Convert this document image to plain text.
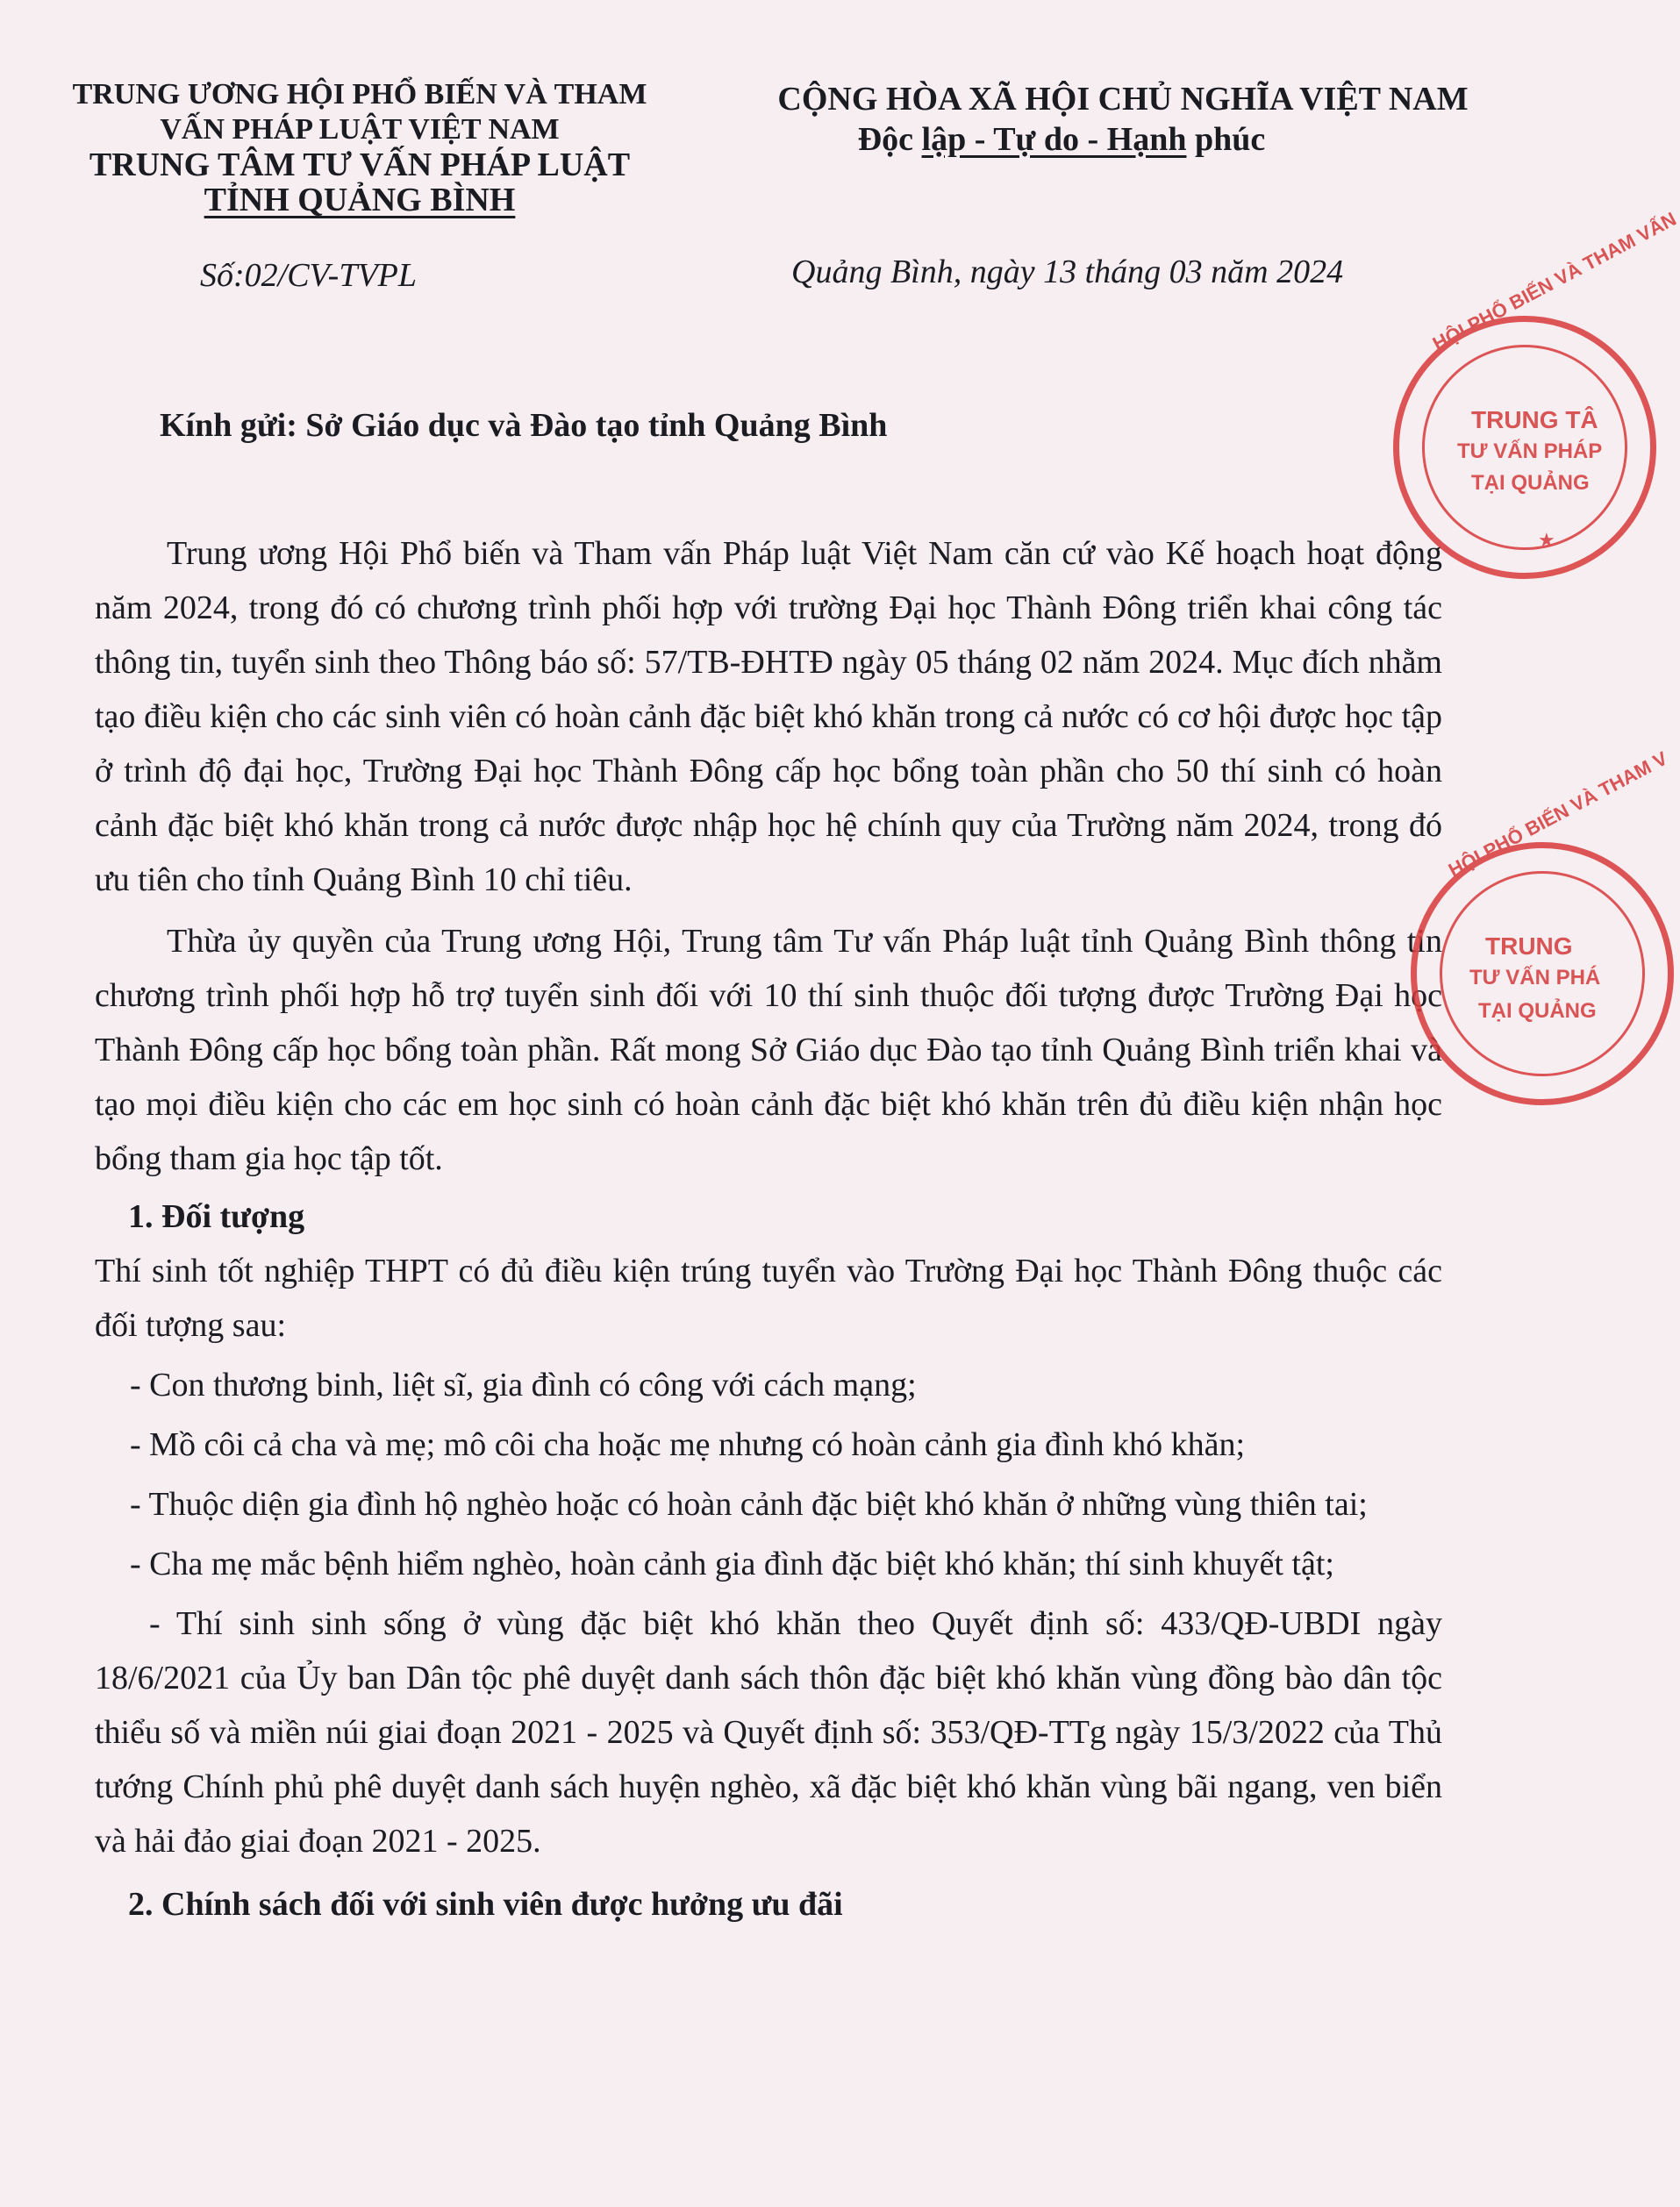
TRUNG ƯƠNG HỘI PHỔ BIẾN VÀ THAM
VẤN PHÁP LUẬT VIỆT NAM
TRUNG TÂM TƯ VẤN PHÁP LUẬT
TỈNH QUẢNG BÌNH
CỘNG HÒA XÃ HỘI CHỦ NGHĨA VIỆT NAM
Độc lập - Tự do - Hạnh phúc
Số:02/CV-TVPL	Quảng Bình, ngày 13 tháng 03 năm 2024
Kính gửi: Sở Giáo dục và Đào tạo tỉnh Quảng Bình

Trung ương Hội Phổ biến và Tham vấn Pháp luật Việt Nam căn cứ vào Kế hoạch hoạt động năm 2024, trong đó có chương trình phối hợp với trường Đại học Thành Đông triển khai công tác thông tin, tuyển sinh theo Thông báo số: 57/TB-ĐHTĐ ngày 05 tháng 02 năm 2024. Mục đích nhằm tạo điều kiện cho các sinh viên có hoàn cảnh đặc biệt khó khăn trong cả nước có cơ hội được học tập ở trình độ đại học, Trường Đại học Thành Đông cấp học bổng toàn phần cho 50 thí sinh có hoàn cảnh đặc biệt khó khăn trong cả nước được nhập học hệ chính quy của Trường năm 2024, trong đó ưu tiên cho tỉnh Quảng Bình 10 chỉ tiêu.

Thừa ủy quyền của Trung ương Hội, Trung tâm Tư vấn Pháp luật tỉnh Quảng Bình thông tin chương trình phối hợp hỗ trợ tuyển sinh đối với 10 thí sinh thuộc đối tượng được Trường Đại học Thành Đông cấp học bổng toàn phần. Rất mong Sở Giáo dục Đào tạo tỉnh Quảng Bình triển khai và tạo mọi điều kiện cho các em học sinh có hoàn cảnh đặc biệt khó khăn trên đủ điều kiện nhận học bổng tham gia học tập tốt.

1. Đối tượng

Thí sinh tốt nghiệp THPT có đủ điều kiện trúng tuyển vào Trường Đại học Thành Đông thuộc các đối tượng sau:

- Con thương binh, liệt sĩ, gia đình có công với cách mạng;

- Mồ côi cả cha và mẹ; mô côi cha hoặc mẹ nhưng có hoàn cảnh gia đình khó khăn;

- Thuộc diện gia đình hộ nghèo hoặc có hoàn cảnh đặc biệt khó khăn ở những vùng thiên tai;

- Cha mẹ mắc bệnh hiểm nghèo, hoàn cảnh gia đình đặc biệt khó khăn; thí sinh khuyết tật;

- Thí sinh sinh sống ở vùng đặc biệt khó khăn theo Quyết định số: 433/QĐ-UBDI ngày 18/6/2021 của Ủy ban Dân tộc phê duyệt danh sách thôn đặc biệt khó khăn vùng đồng bào dân tộc thiểu số và miền núi giai đoạn 2021 - 2025 và Quyết định số: 353/QĐ-TTg ngày 15/3/2022 của Thủ tướng Chính phủ phê duyệt danh sách huyện nghèo, xã đặc biệt khó khăn vùng bãi ngang, ven biển và hải đảo giai đoạn 2021 - 2025.

2. Chính sách đối với sinh viên được hưởng ưu đãi

HỘI PHỔ BIẾN VÀ THAM VẤN
TRUNG TÂ
TƯ VẤN PHÁP
TẠI QUẢNG
★
HỘI PHỔ BIẾN VÀ THAM V
TRUNG
TƯ VẤN PHÁ
TẠI QUẢNG
